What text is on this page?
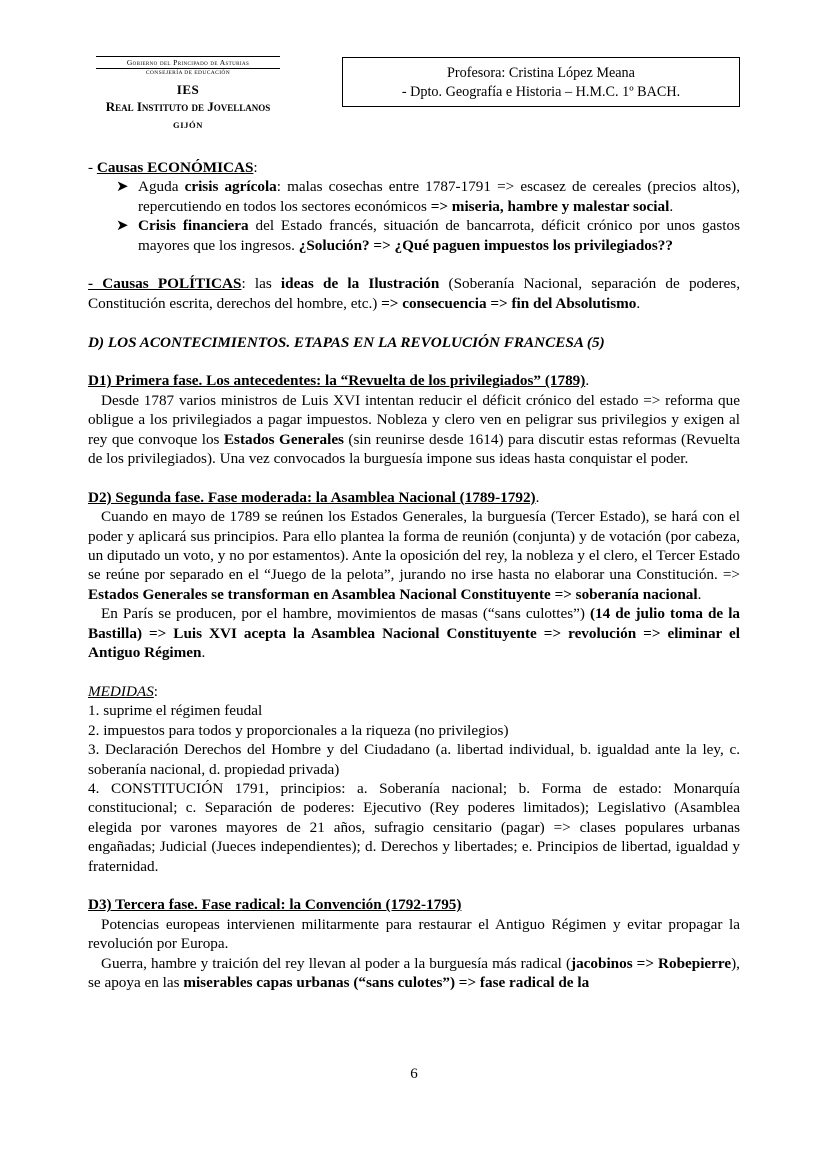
Gobierno del Principado de Asturias
CONSEJERÍA DE EDUCACIÓN
IES
Real Instituto de Jovellanos
GIJÓN
Profesora: Cristina López Meana
- Dpto. Geografía e Historia – H.M.C. 1º BACH.

- Causas ECONÓMICAS:

➤ Aguda crisis agrícola: malas cosechas entre 1787-1791 => escasez de cereales (precios altos), repercutiendo en todos los sectores económicos => miseria, hambre y malestar social.
➤ Crisis financiera del Estado francés, situación de bancarrota, déficit crónico por unos gastos mayores que los ingresos. ¿Solución? => ¿Qué paguen impuestos los privilegiados??

- Causas POLÍTICAS: las ideas de la Ilustración (Soberanía Nacional, separación de poderes, Constitución escrita, derechos del hombre, etc.) => consecuencia => fin del Absolutismo.

D) LOS ACONTECIMIENTOS. ETAPAS EN LA REVOLUCIÓN FRANCESA (5)

D1) Primera fase. Los antecedentes: la “Revuelta de los privilegiados” (1789).

Desde 1787 varios ministros de Luis XVI intentan reducir el déficit crónico del estado => reforma que obligue a los privilegiados a pagar impuestos. Nobleza y clero ven en peligrar sus privilegios y exigen al rey que convoque los Estados Generales (sin reunirse desde 1614) para discutir estas reformas (Revuelta de los privilegiados). Una vez convocados la burguesía impone sus ideas hasta conquistar el poder.

D2) Segunda fase. Fase moderada: la Asamblea Nacional (1789-1792).

Cuando en mayo de 1789 se reúnen los Estados Generales, la burguesía (Tercer Estado), se hará con el poder y aplicará sus principios. Para ello plantea la forma de reunión (conjunta) y de votación (por cabeza, un diputado un voto, y no por estamentos). Ante la oposición del rey, la nobleza y el clero, el Tercer Estado se reúne por separado en el “Juego de la pelota”, jurando no irse hasta no elaborar una Constitución. => Estados Generales se transforman en Asamblea Nacional Constituyente => soberanía nacional.

En París se producen, por el hambre, movimientos de masas (“sans culottes”) (14 de julio toma de la Bastilla) => Luis XVI acepta la Asamblea Nacional Constituyente => revolución => eliminar el Antiguo Régimen.

MEDIDAS:

1. suprime el régimen feudal

2. impuestos para todos y proporcionales a la riqueza (no privilegios)

3. Declaración Derechos del Hombre y del Ciudadano (a. libertad individual, b. igualdad ante la ley, c. soberanía nacional, d. propiedad privada)

4. CONSTITUCIÓN 1791, principios: a. Soberanía nacional; b. Forma de estado: Monarquía constitucional; c. Separación de poderes: Ejecutivo (Rey poderes limitados); Legislativo (Asamblea elegida por varones mayores de 21 años, sufragio censitario (pagar) => clases populares urbanas engañadas; Judicial (Jueces independientes); d. Derechos y libertades; e. Principios de libertad, igualdad y fraternidad.

D3) Tercera fase. Fase radical: la Convención (1792-1795)

Potencias europeas intervienen militarmente para restaurar el Antiguo Régimen y evitar propagar la revolución por Europa.

Guerra, hambre y traición del rey llevan al poder a la burguesía más radical (jacobinos => Robepierre), se apoya en las miserables capas urbanas (“sans culotes”) => fase radical de la

6
